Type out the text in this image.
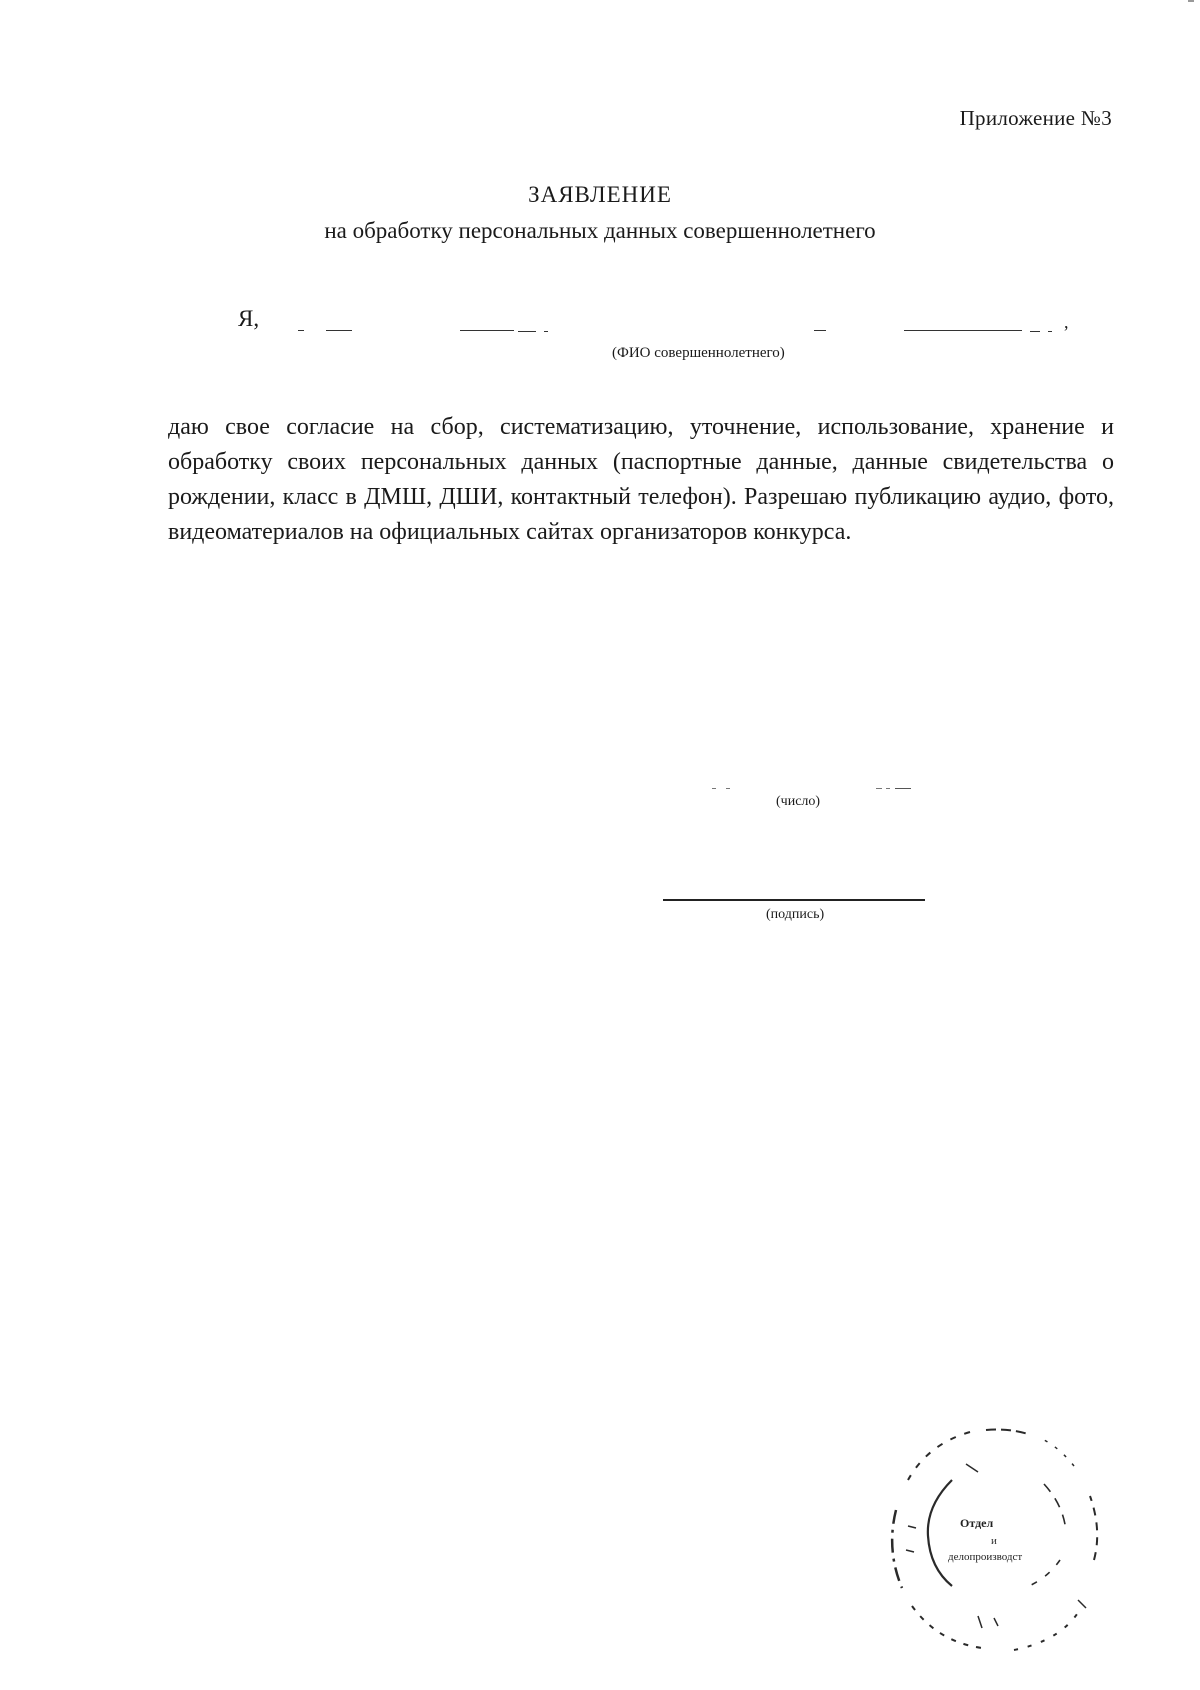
Приложение №3
ЗАЯВЛЕНИЕ
на обработку персональных данных совершеннолетнего
Я,	,
(ФИО совершеннолетнего)
даю свое согласие на сбор, систематизацию, уточнение, использование, хранение и обработку своих персональных данных (паспортные данные, данные свидетельства о рождении, класс в ДМШ, ДШИ, контактный телефон). Разрешаю публикацию аудио, фото, видеоматериалов на официальных сайтах организаторов конкурса.
(число)
(подпись)
Отдел
и
делопроизводст
